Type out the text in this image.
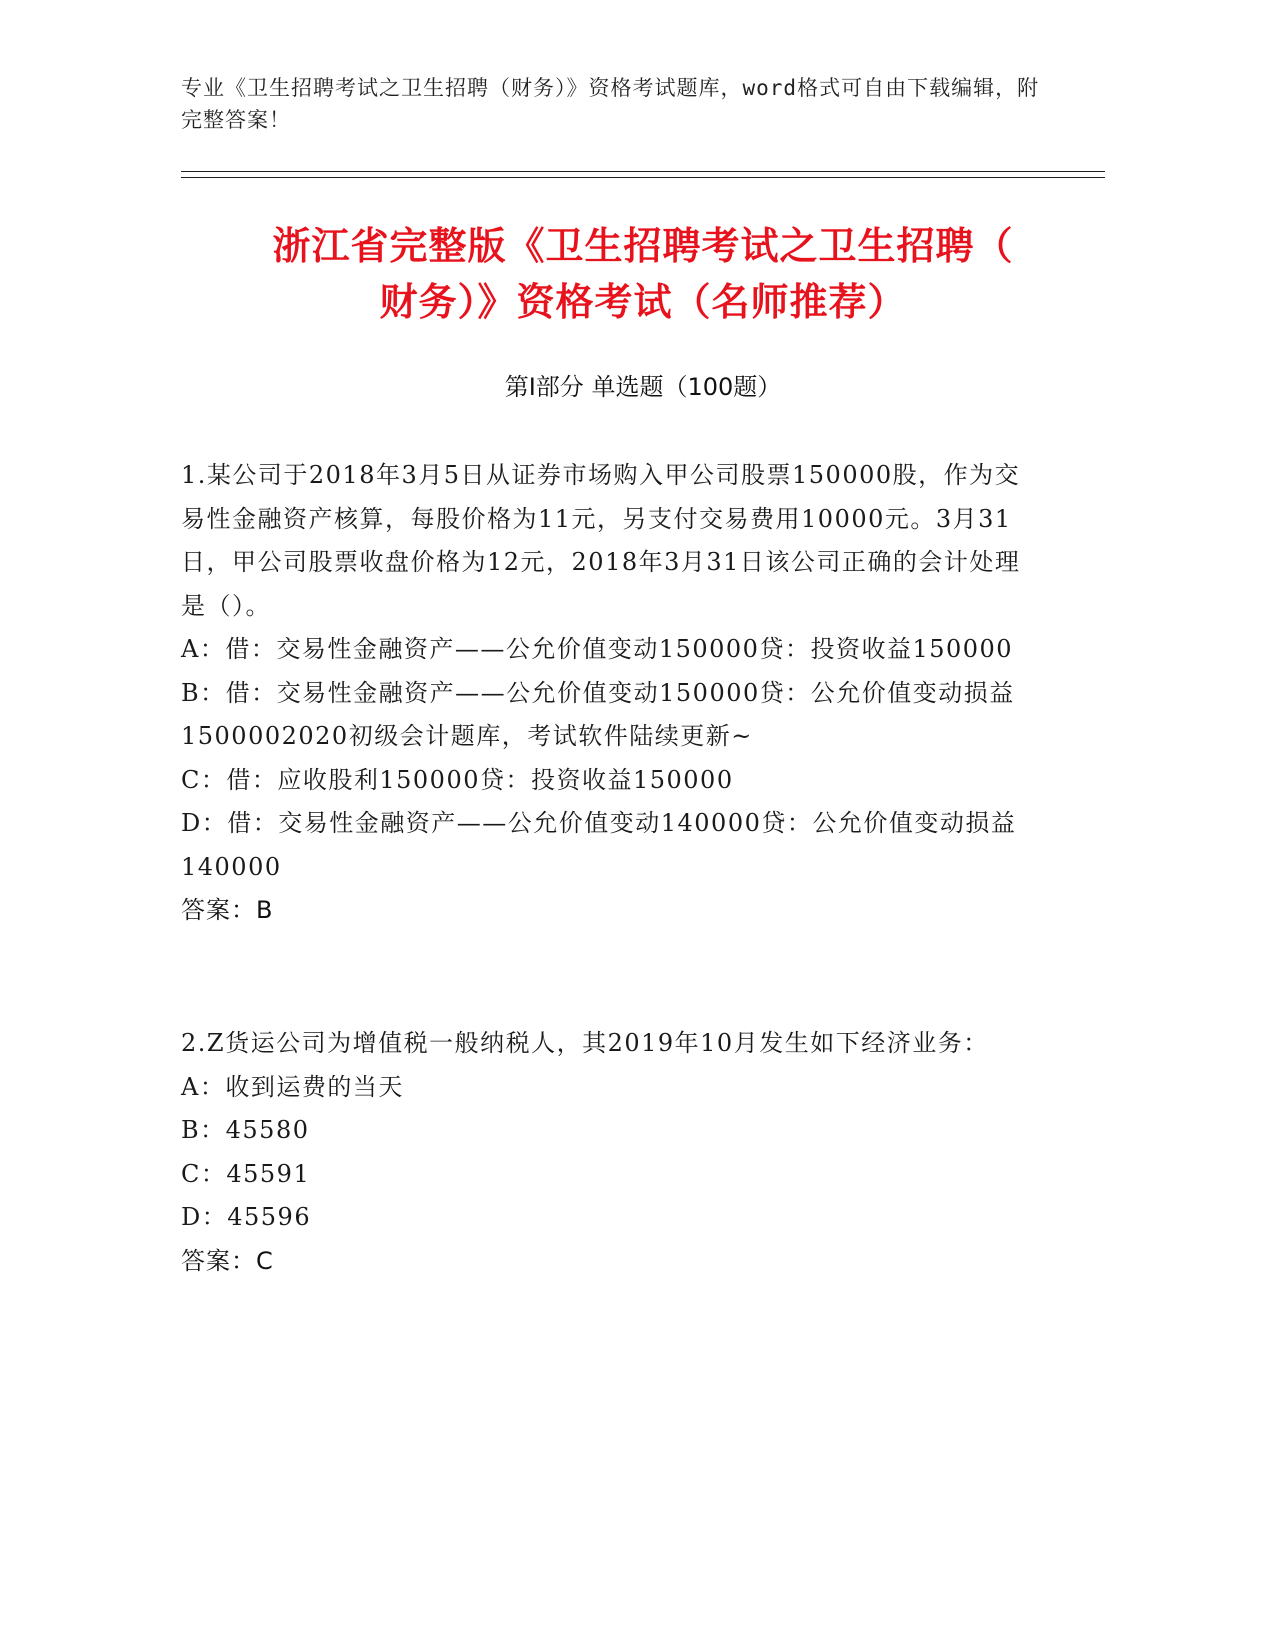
专业《卫生招聘考试之卫生招聘（财务）》资格考试题库，word格式可自由下载编辑，附完整答案！
浙江省完整版《卫生招聘考试之卫生招聘（
财务）》资格考试（名师推荐）
第Ⅰ部分 单选题（100题）
1.某公司于2018年3月5日从证券市场购入甲公司股票150000股，作为交易性金融资产核算，每股价格为11元，另支付交易费用10000元。3月31日，甲公司股票收盘价格为12元，2018年3月31日该公司正确的会计处理是（）。
A：借：交易性金融资产——公允价值变动150000贷：投资收益150000
B：借：交易性金融资产——公允价值变动150000贷：公允价值变动损益1500002020初级会计题库，考试软件陆续更新~
C：借：应收股利150000贷：投资收益150000
D：借：交易性金融资产——公允价值变动140000贷：公允价值变动损益140000
答案：B
2.Z货运公司为增值税一般纳税人，其2019年10月发生如下经济业务：
A：收到运费的当天
B：45580
C：45591
D：45596
答案：C
